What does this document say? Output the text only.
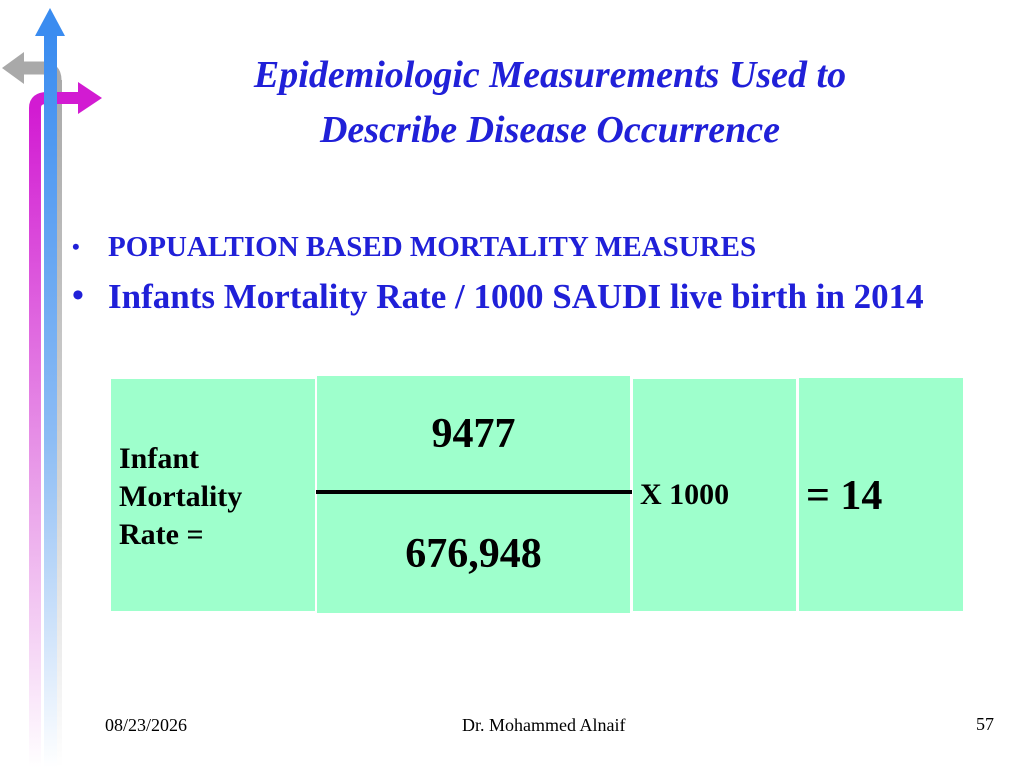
Epidemiologic Measurements Used to
Describe Disease Occurrence
• POPUALTION BASED MORTALITY MEASURES
• Infants Mortality Rate / 1000 SAUDI live birth in 2014
Infant
Mortality
Rate =
9477
676,948
X 1000 = 14
08/23/2026	Dr. Mohammed Alnaif	57
